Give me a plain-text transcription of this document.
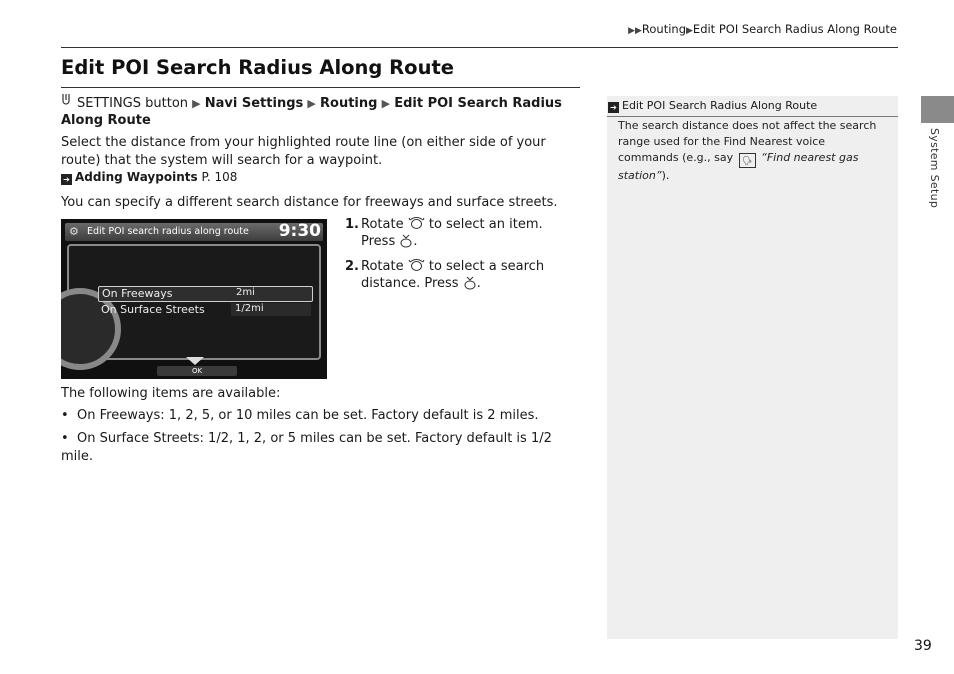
▶▶Routing▶Edit POI Search Radius Along Route
Edit POI Search Radius Along Route
SETTINGS button ▶ Navi Settings ▶ Routing ▶ Edit POI Search Radius Along Route
Select the distance from your highlighted route line (on either side of your route) that the system will search for a waypoint.
➔ Adding Waypoints P. 108
You can specify a different search distance for freeways and surface streets.
⚙ Edit POI search radius along route 9:30
On Freeways	2mi
On Surface Streets	1/2mi
OK
1. Rotate to select an item. Press .
2. Rotate to select a search distance. Press .
The following items are available:
• On Freeways: 1, 2, 5, or 10 miles can be set. Factory default is 2 miles.
• On Surface Streets: 1/2, 1, 2, or 5 miles can be set. Factory default is 1/2 mile.
➔ Edit POI Search Radius Along Route
The search distance does not affect the search range used for the Find Nearest voice commands (e.g., say 🗣 “Find nearest gas station”).	System Setup
39
